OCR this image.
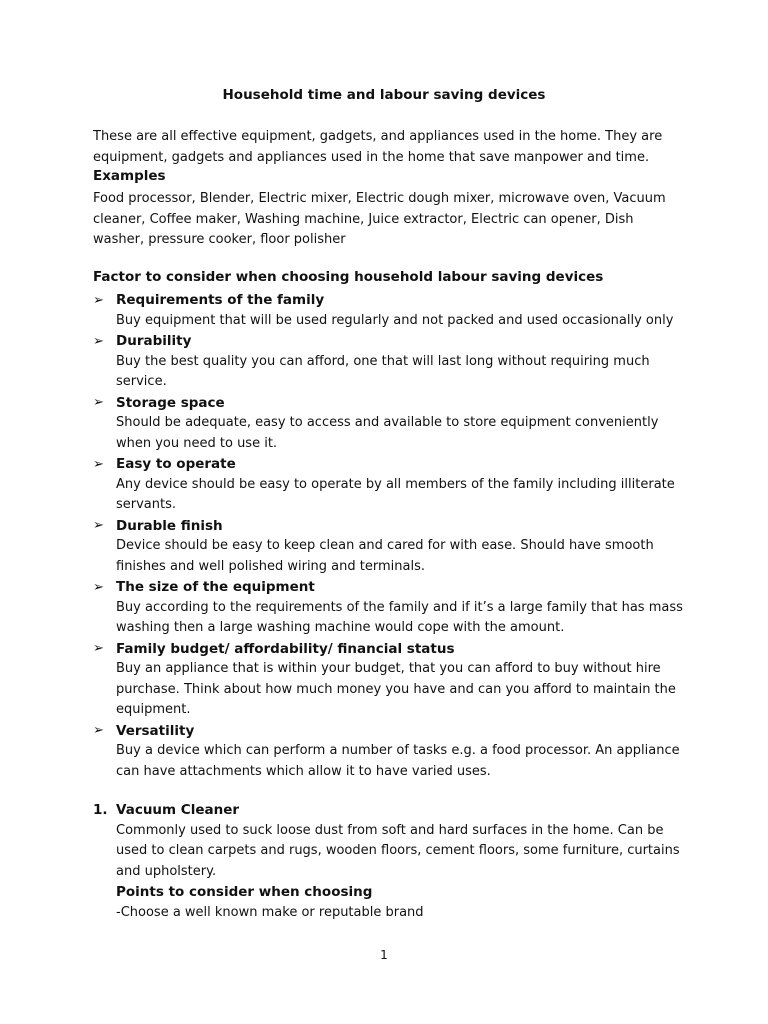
Household time and labour saving devices
These are all effective equipment, gadgets, and appliances used in the home. They are equipment, gadgets and appliances used in the home that save manpower and time.
Examples
Food processor, Blender, Electric mixer, Electric dough mixer, microwave oven, Vacuum cleaner, Coffee maker, Washing machine, Juice extractor, Electric can opener, Dish washer, pressure cooker, floor polisher
Factor to consider when choosing household labour saving devices
➢ Requirements of the family
Buy equipment that will be used regularly and not packed and used occasionally only
➢ Durability
Buy the best quality you can afford, one that will last long without requiring much service.
➢ Storage space
Should be adequate, easy to access and available to store equipment conveniently when you need to use it.
➢ Easy to operate
Any device should be easy to operate by all members of the family including illiterate servants.
➢ Durable finish
Device should be easy to keep clean and cared for with ease. Should have smooth finishes and well polished wiring and terminals.
➢ The size of the equipment
Buy according to the requirements of the family and if it’s a large family that has mass washing then a large washing machine would cope with the amount.
➢ Family budget/ affordability/ financial status
Buy an appliance that is within your budget, that you can afford to buy without hire purchase. Think about how much money you have and can you afford to maintain the equipment.
➢ Versatility
Buy a device which can perform a number of tasks e.g. a food processor. An appliance can have attachments which allow it to have varied uses.
1. Vacuum Cleaner
Commonly used to suck loose dust from soft and hard surfaces in the home. Can be used to clean carpets and rugs, wooden floors, cement floors, some furniture, curtains and upholstery.
Points to consider when choosing
-Choose a well known make or reputable brand
1
